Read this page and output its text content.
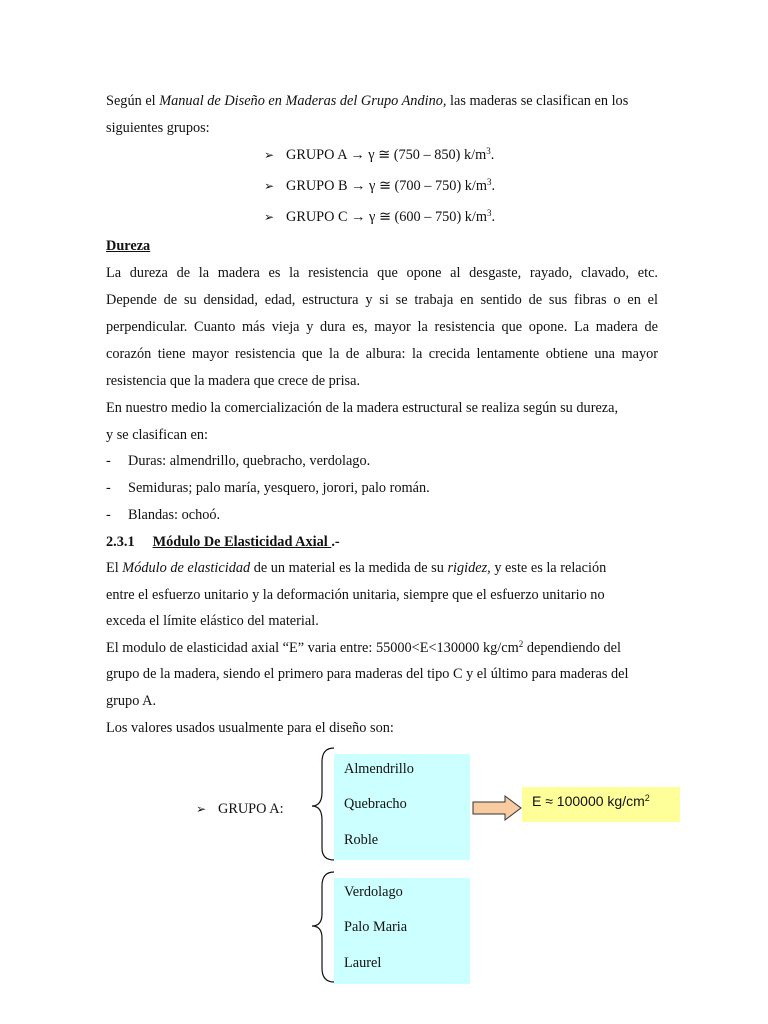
Según el Manual de Diseño en Maderas del Grupo Andino, las maderas se clasifican en los
siguientes grupos:
➢ GRUPO A → γ ≅ (750 – 850) $k/m^3$.
➢ GRUPO B → γ ≅ (700 – 750) $k/m^3$.
➢ GRUPO C → γ ≅ (600 – 750) $k/m^3$.
Dureza
La dureza de la madera es la resistencia que opone al desgaste, rayado, clavado, etc.
Depende de su densidad, edad, estructura y si se trabaja en sentido de sus fibras o en el
perpendicular. Cuanto más vieja y dura es, mayor la resistencia que opone. La madera de
corazón tiene mayor resistencia que la de albura: la crecida lentamente obtiene una mayor
resistencia que la madera que crece de prisa.
En nuestro medio la comercialización de la madera estructural se realiza según su dureza,
y se clasifican en:
- Duras: almendrillo, quebracho, verdolago.
- Semiduras; palo maría, yesquero, jorori, palo román.
- Blandas: ochoó.
2.3.1 Módulo De Elasticidad Axial .-
El Módulo de elasticidad de un material es la medida de su rigidez, y este es la relación
entre el esfuerzo unitario y la deformación unitaria, siempre que el esfuerzo unitario no
exceda el límite elástico del material.
El modulo de elasticidad axial “E” varia entre: 55000<E<130000 $kg/cm^2$ dependiendo del
grupo de la madera, siendo el primero para maderas del tipo C y el último para maderas del
grupo A.
Los valores usados usualmente para el diseño son:
➢ GRUPO A:
Almendrillo
Quebracho
Roble
Verdolago
Palo Maria
Laurel
E ≈ 100000 $kg/cm^2$
